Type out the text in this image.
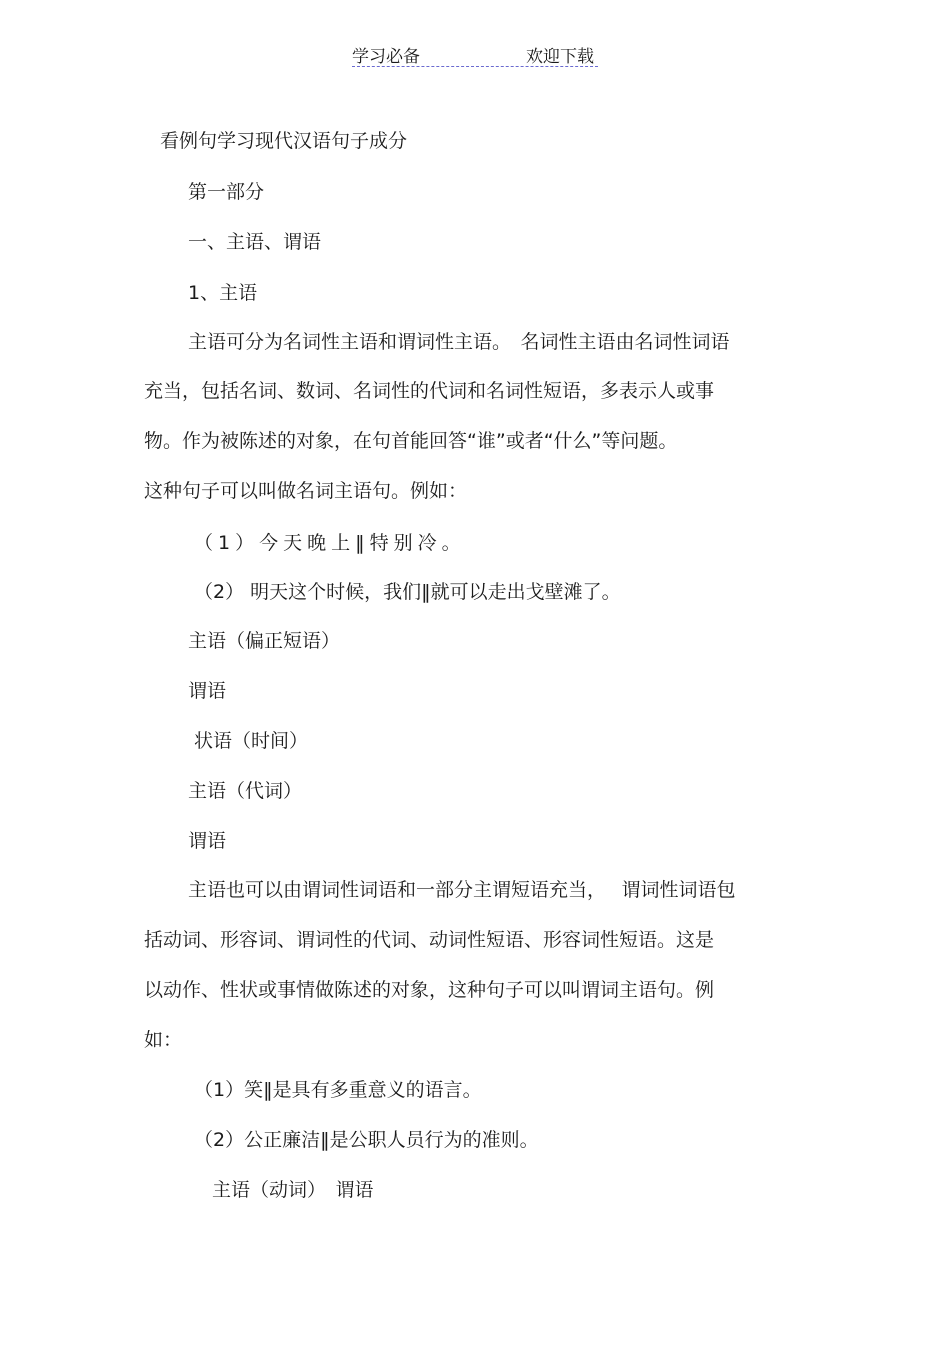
学习必备	欢迎下载
看例句学习现代汉语句子成分
第一部分
一、主语、谓语
1、主语
主语可分为名词性主语和谓词性主语。　名词性主语由名词性词语
充当，包括名词、数词、名词性的代词和名词性短语，多表示人或事
物。作为被陈述的对象，在句首能回答“谁”或者“什么”等问题。
这种句子可以叫做名词主语句。例如：
（1）今天晚上‖特别冷。
（2） 明天这个时候，我们‖就可以走出戈壁滩了。
主语（偏正短语）
谓语
状语（时间）
主语（代词）
谓语
主语也可以由谓词性词语和一部分主谓短语充当，　 谓词性词语包
括动词、形容词、谓词性的代词、动词性短语、形容词性短语。这是
以动作、性状或事情做陈述的对象，这种句子可以叫谓词主语句。例
如：
（1）笑‖是具有多重意义的语言。
（2）公正廉洁‖是公职人员行为的准则。
主语（动词）　谓语
